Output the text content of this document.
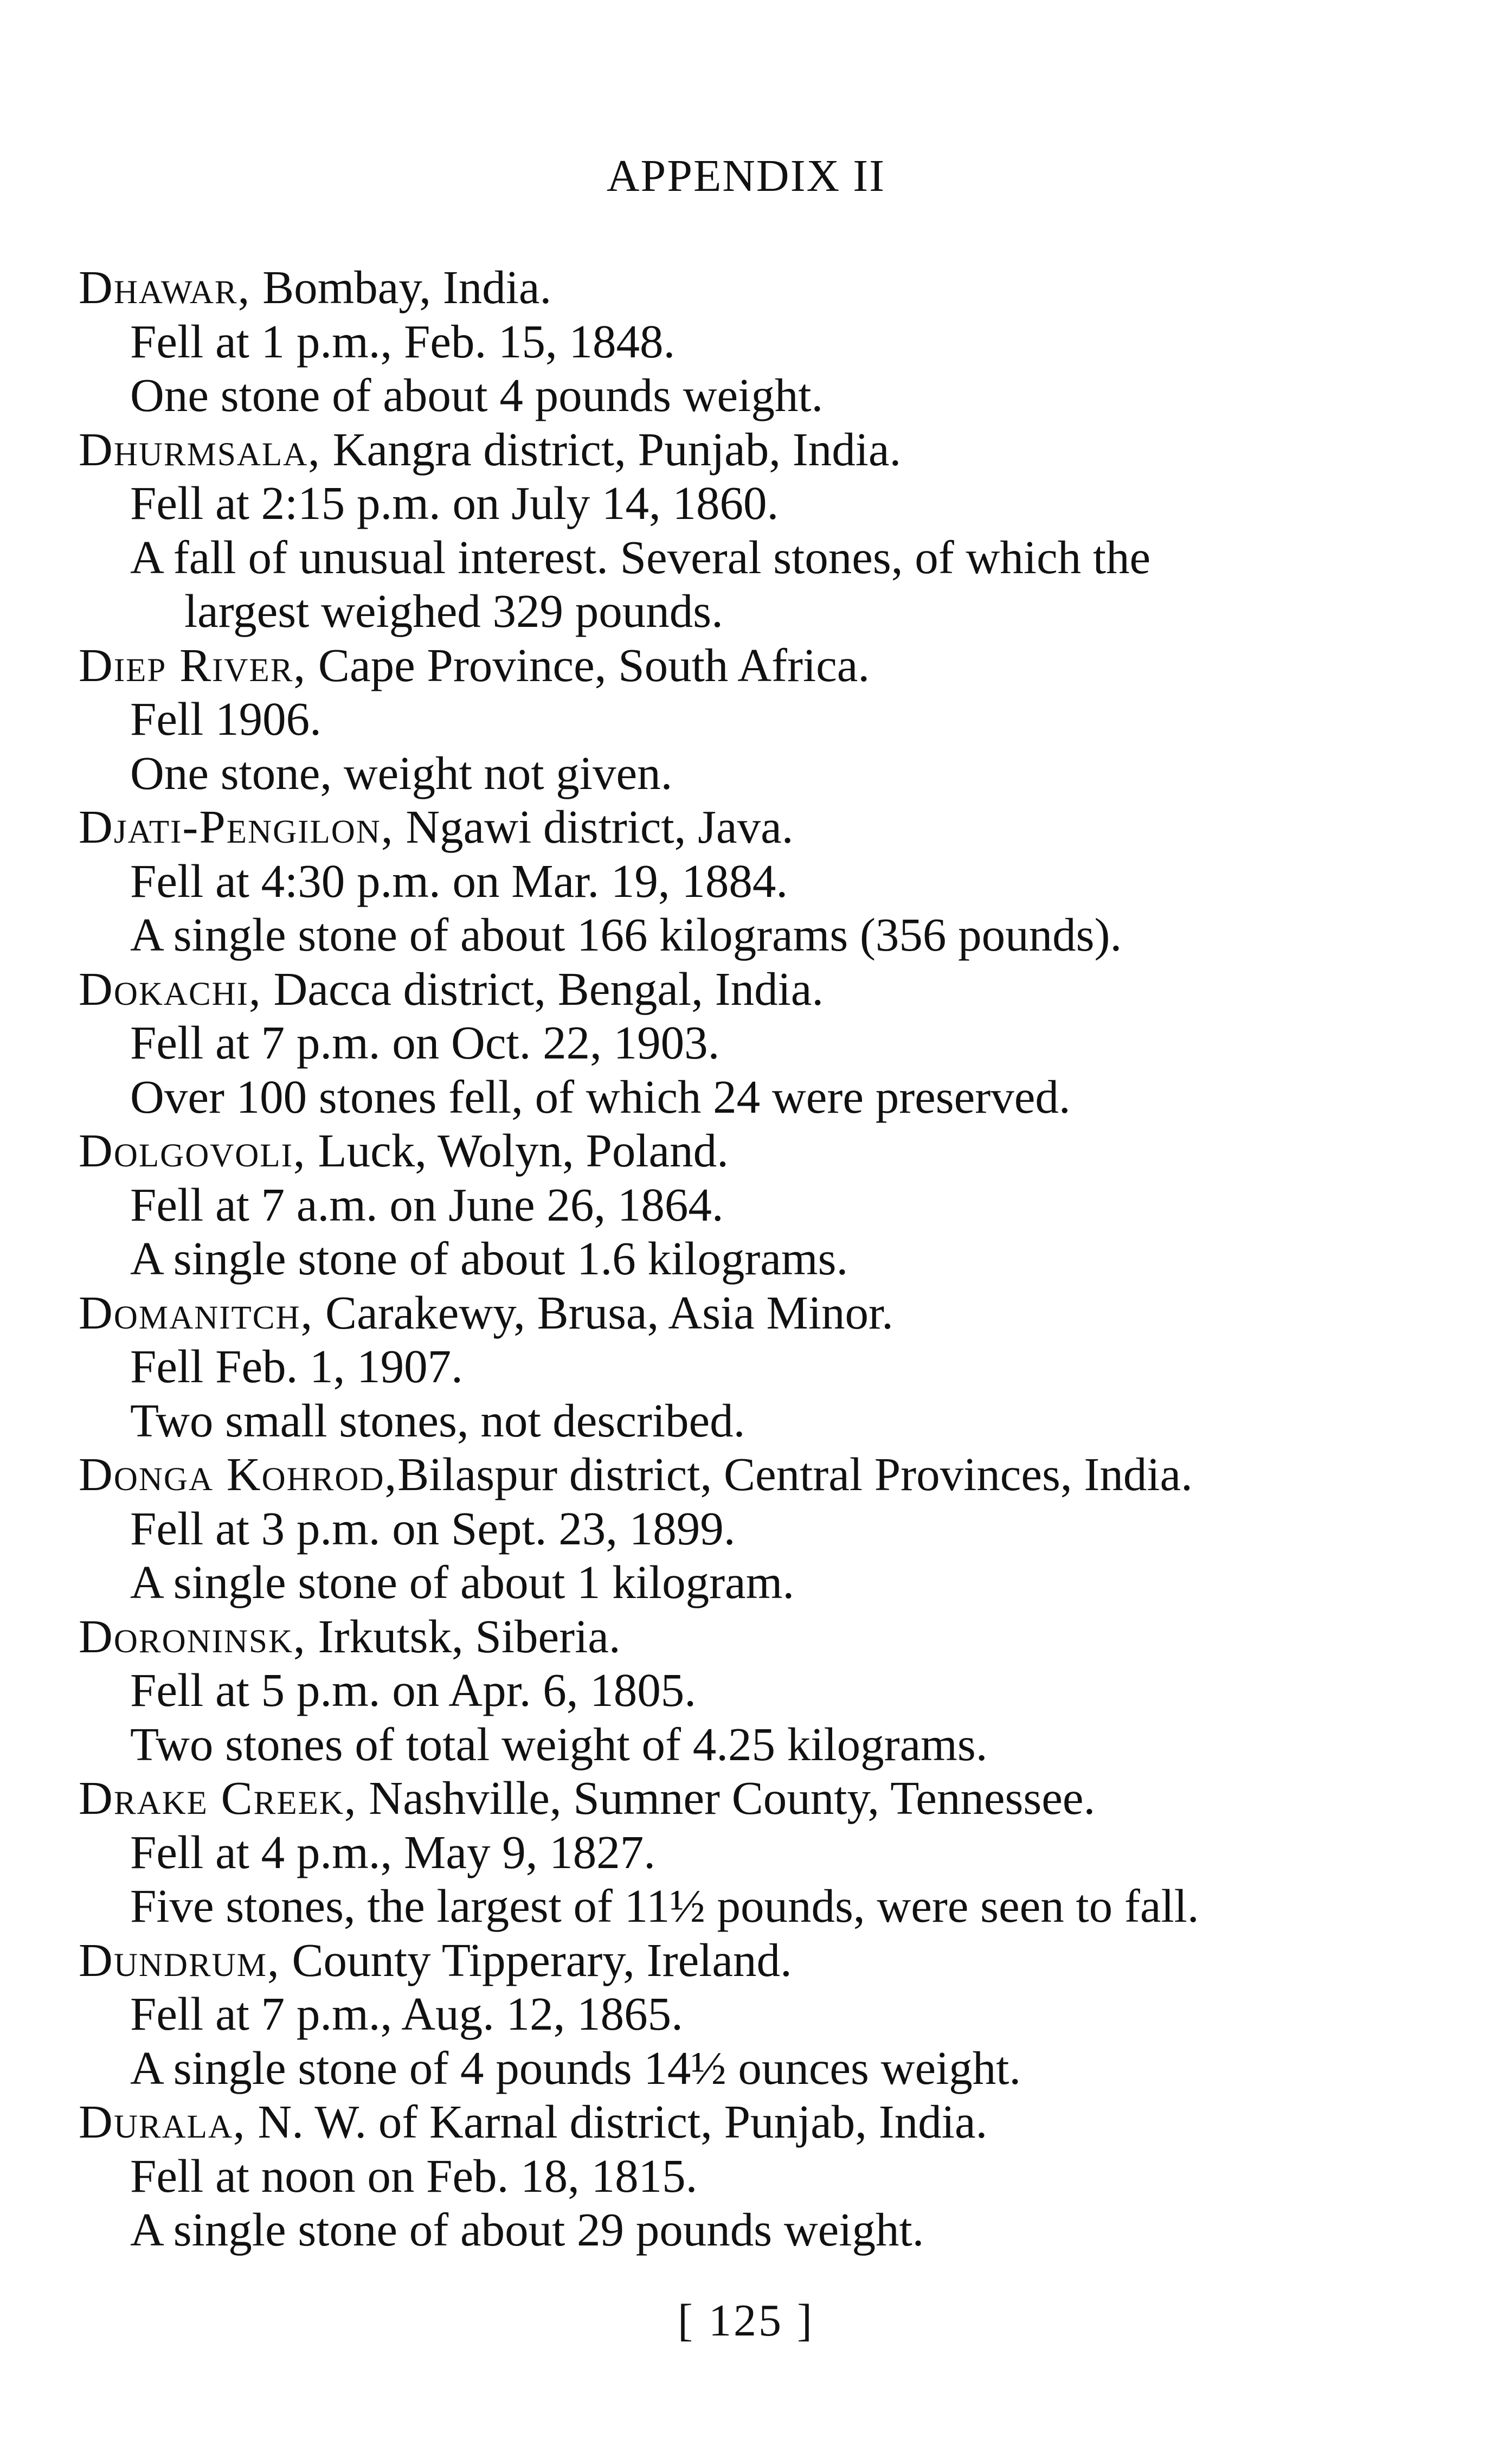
APPENDIX II
Dhawar, Bombay, India.
Fell at 1 p.m., Feb. 15, 1848.
One stone of about 4 pounds weight.
Dhurmsala, Kangra district, Punjab, India.
Fell at 2:15 p.m. on July 14, 1860.
A fall of unusual interest. Several stones, of which the
largest weighed 329 pounds.
Diep River, Cape Province, South Africa.
Fell 1906.
One stone, weight not given.
Djati-Pengilon, Ngawi district, Java.
Fell at 4:30 p.m. on Mar. 19, 1884.
A single stone of about 166 kilograms (356 pounds).
Dokachi, Dacca district, Bengal, India.
Fell at 7 p.m. on Oct. 22, 1903.
Over 100 stones fell, of which 24 were preserved.
Dolgovoli, Luck, Wolyn, Poland.
Fell at 7 a.m. on June 26, 1864.
A single stone of about 1.6 kilograms.
Domanitch, Carakewy, Brusa, Asia Minor.
Fell Feb. 1, 1907.
Two small stones, not described.
Donga Kohrod,Bilaspur district, Central Provinces, India.
Fell at 3 p.m. on Sept. 23, 1899.
A single stone of about 1 kilogram.
Doroninsk, Irkutsk, Siberia.
Fell at 5 p.m. on Apr. 6, 1805.
Two stones of total weight of 4.25 kilograms.
Drake Creek, Nashville, Sumner County, Tennessee.
Fell at 4 p.m., May 9, 1827.
Five stones, the largest of 11½ pounds, were seen to fall.
Dundrum, County Tipperary, Ireland.
Fell at 7 p.m., Aug. 12, 1865.
A single stone of 4 pounds 14½ ounces weight.
Durala, N. W. of Karnal district, Punjab, India.
Fell at noon on Feb. 18, 1815.
A single stone of about 29 pounds weight.
[ 125 ]
